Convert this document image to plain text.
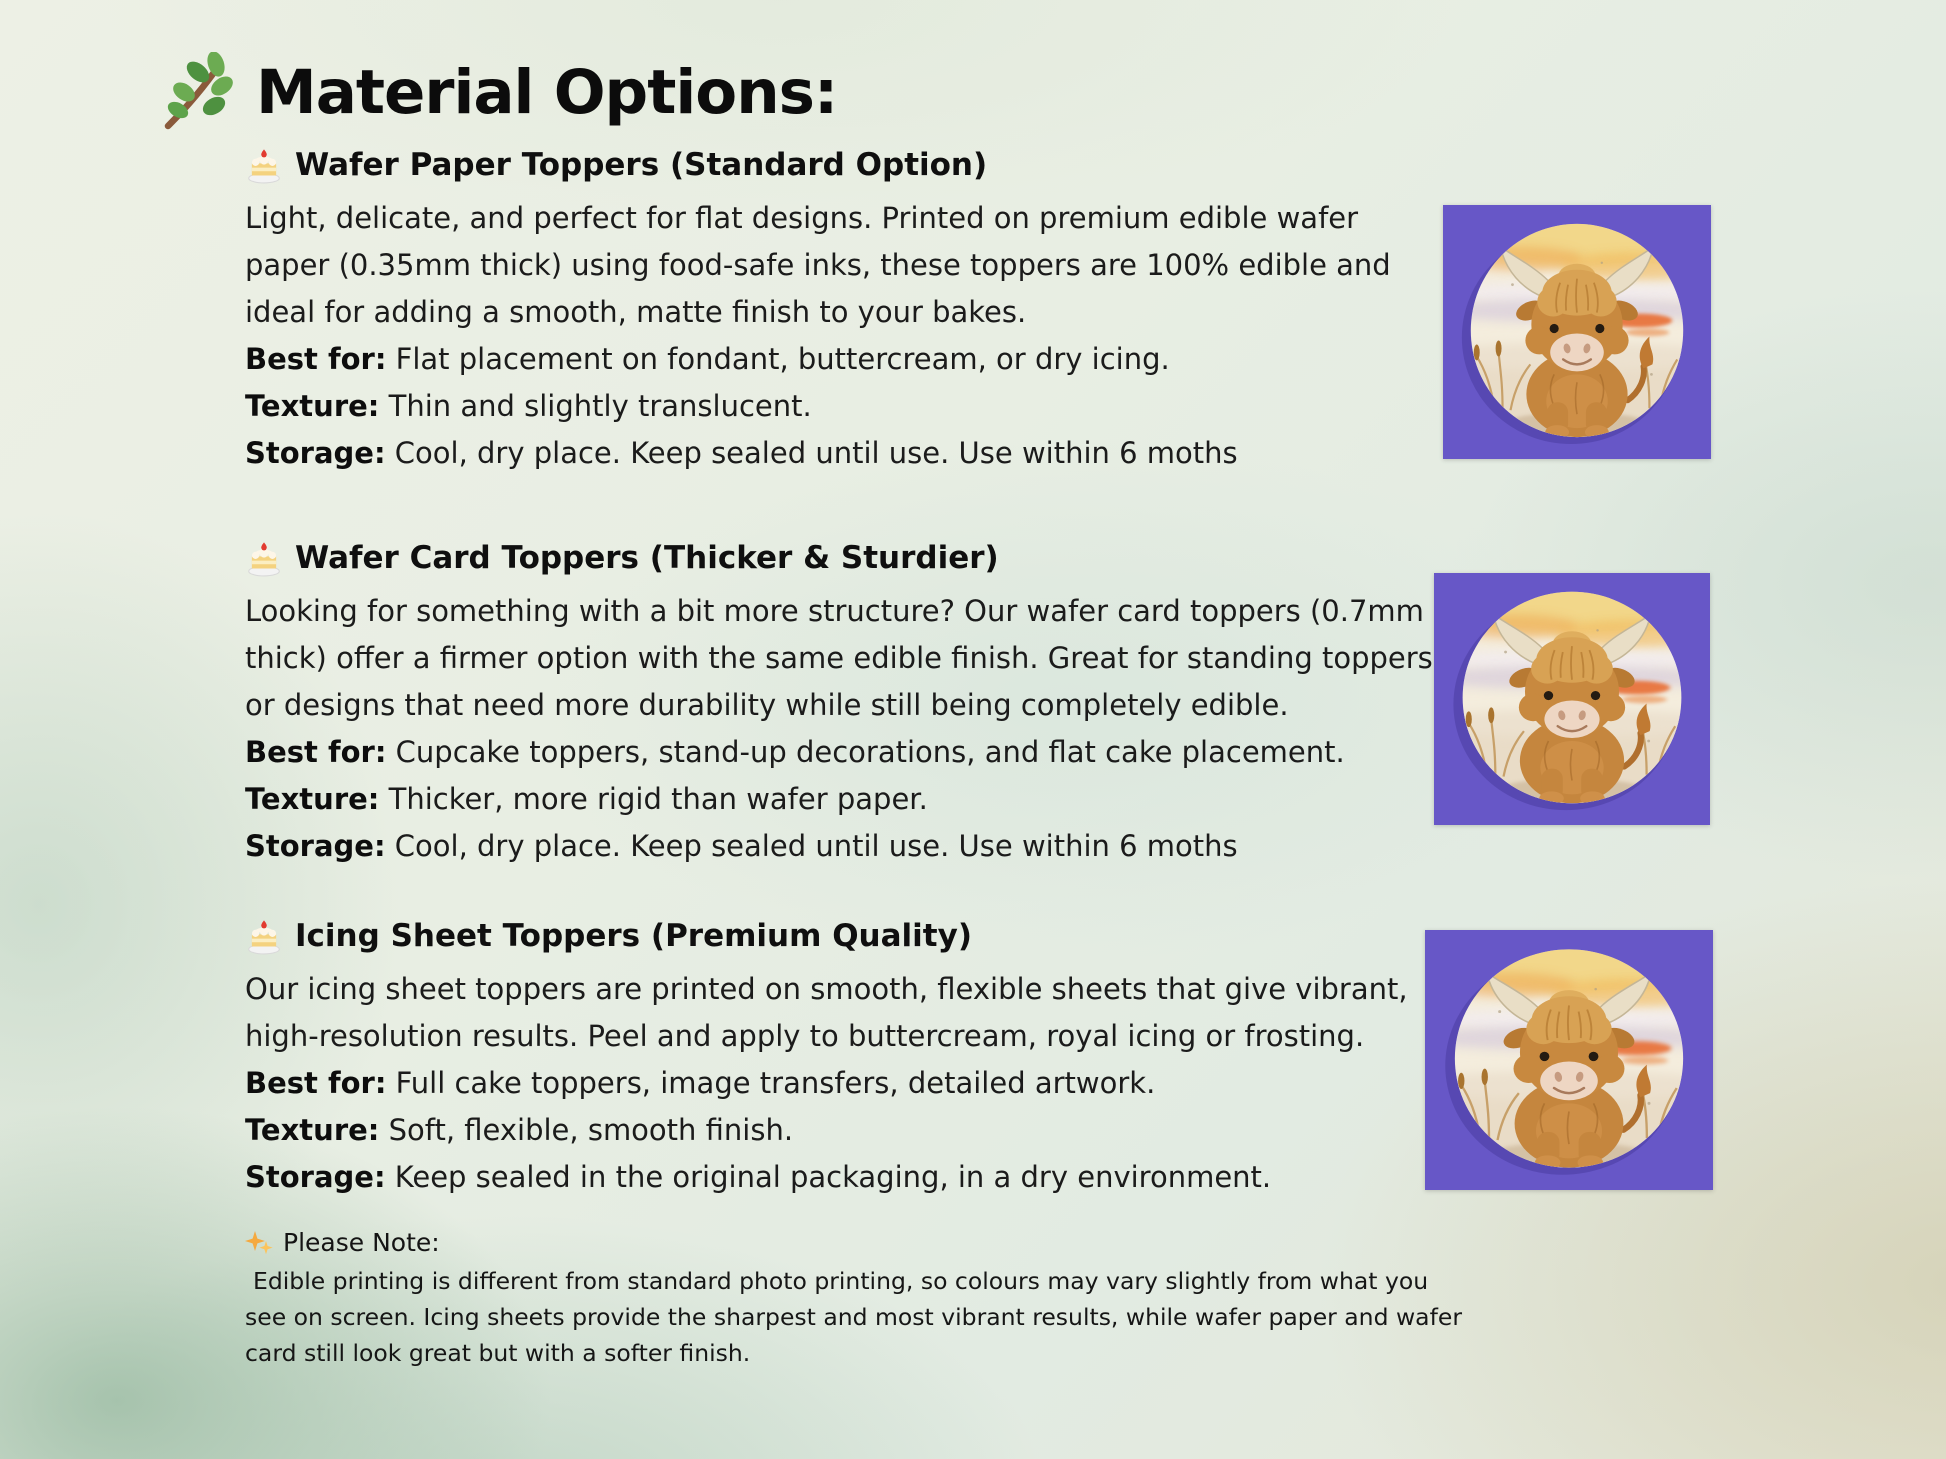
Material Options:
Wafer Paper Toppers (Standard Option)

Light, delicate, and perfect for flat designs. Printed on premium edible wafer paper (0.35mm thick) using food-safe inks, these toppers are 100% edible and ideal for adding a smooth, matte finish to your bakes.

Best for: Flat placement on fondant, buttercream, or dry icing.

Texture: Thin and slightly translucent.

Storage: Cool, dry place. Keep sealed until use. Use within 6 moths

Wafer Card Toppers (Thicker & Sturdier)

Looking for something with a bit more structure? Our wafer card toppers (0.7mm thick) offer a firmer option with the same edible finish. Great for standing toppers or designs that need more durability while still being completely edible.

Best for: Cupcake toppers, stand-up decorations, and flat cake placement.

Texture: Thicker, more rigid than wafer paper.

Storage: Cool, dry place. Keep sealed until use. Use within 6 moths

Icing Sheet Toppers (Premium Quality)

Our icing sheet toppers are printed on smooth, flexible sheets that give vibrant, high-resolution results. Peel and apply to buttercream, royal icing or frosting.

Best for: Full cake toppers, image transfers, detailed artwork.

Texture: Soft, flexible, smooth finish.

Storage: Keep sealed in the original packaging, in a dry environment.

Please Note:

Edible printing is different from standard photo printing, so colours may vary slightly from what you see on screen. Icing sheets provide the sharpest and most vibrant results, while wafer paper and wafer card still look great but with a softer finish.
